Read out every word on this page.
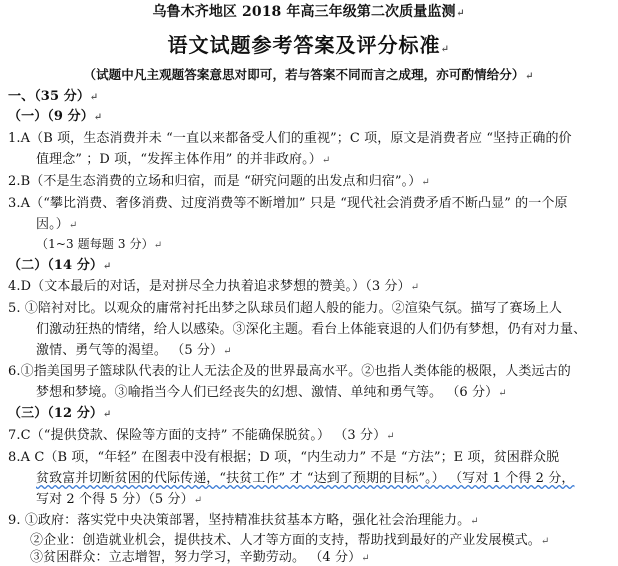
乌鲁木齐地区 2018 年高三年级第二次质量监测↵
语文试题参考答案及评分标准↵
（试题中凡主观题答案意思对即可，若与答案不同而言之成理，亦可酌情给分）↵
一、（35 分）↵
（一）（9 分）↵
1.A（B 项，生态消费并未 “一直以来都备受人们的重视”；C 项，原文是消费者应 “坚持正确的价
值理念” ；D 项，“发挥主体作用” 的并非政府。）↵
2.B（不是生态消费的立场和归宿，而是 “研究问题的出发点和归宿”。）↵
3.A（“攀比消费、奢侈消费、过度消费等不断增加” 只是 “现代社会消费矛盾不断凸显” 的一个原
因。）↵
（1~3 题每题 3 分）↵
（二）（14 分）↵
4.D（文本最后的对话，是对拼尽全力执着追求梦想的赞美。）（3 分）↵
5. ①陪衬对比。以观众的庸常衬托出梦之队球员们超人般的能力。②渲染气氛。描写了赛场上人
们激动狂热的情绪，给人以感染。③深化主题。看台上体能衰退的人们仍有梦想，仍有对力量、
激情、勇气等的渴望。 （5 分）↵
6.①指美国男子篮球队代表的让人无法企及的世界最高水平。②也指人类体能的极限，人类远古的
梦想和梦境。③喻指当今人们已经丧失的幻想、激情、单纯和勇气等。 （6 分）↵
（三）（12 分）↵
7.C（“提供贷款、保险等方面的支持” 不能确保脱贫。） （3 分）↵
8.A C（B 项，“年轻” 在图表中没有根据；D 项，“内生动力” 不是 “方法”；E 项，贫困群众脱
贫致富并切断贫困的代际传递，“扶贫工作” 才 “达到了预期的目标”。） （写对 1 个得 2 分，
写对 2 个得 5 分）（5 分）↵
9. ①政府：落实党中央决策部署，坚持精准扶贫基本方略，强化社会治理能力。↵
②企业：创造就业机会，提供技术、人才等方面的支持，帮助找到最好的产业发展模式。↵
③贫困群众：立志增智，努力学习，辛勤劳动。 （4 分）↵
